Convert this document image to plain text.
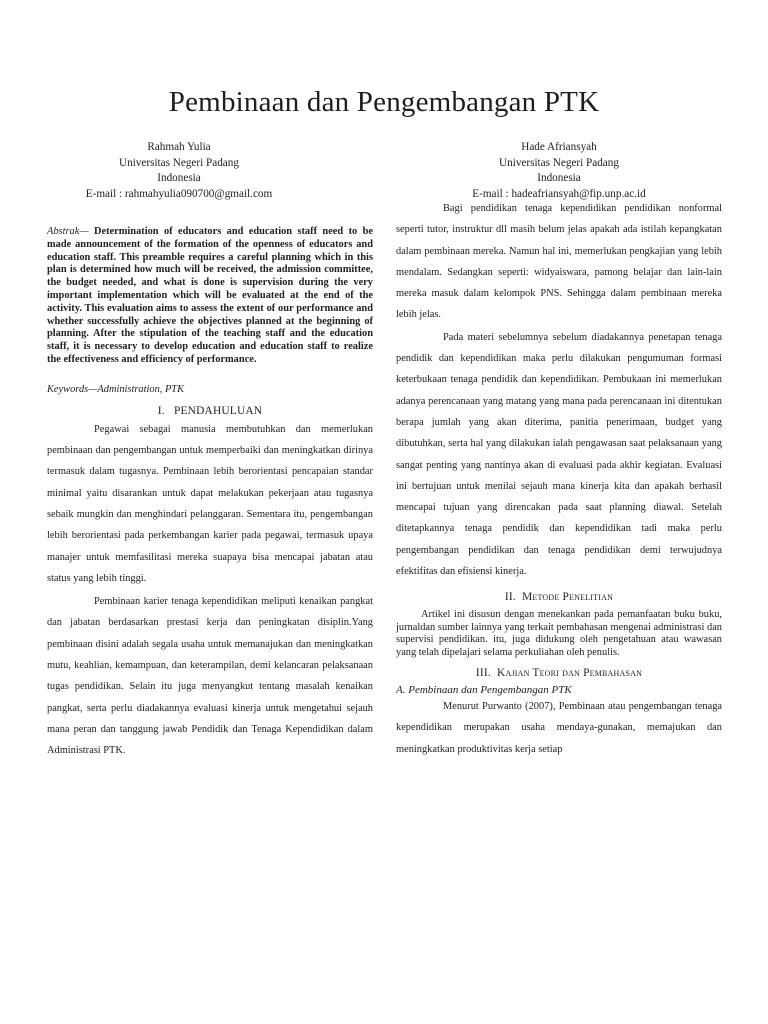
Pembinaan dan Pengembangan PTK
Rahmah Yulia
Universitas Negeri Padang
Indonesia
E-mail : rahmahyulia090700@gmail.com
Hade Afriansyah
Universitas Negeri Padang
Indonesia
E-mail : hadeafriansyah@fip.unp.ac.id

Abstrak— Determination of educators and education staff need to be made announcement of the formation of the openness of educators and education staff. This preamble requires a careful planning which in this plan is determined how much will be received, the admission committee, the budget needed, and what is done is supervision during the very important implementation which will be evaluated at the end of the activity. This evaluation aims to assess the extent of our performance and whether successfully achieve the objectives planned at the beginning of planning. After the stipulation of the teaching staff and the education staff, it is necessary to develop education and education staff to realize the effectiveness and efficiency of performance.

Keywords—Administration, PTK

I. PENDAHULUAN

Pegawai sebagai manusia membutuhkan dan memerlukan pembinaan dan pengembangan untuk memperbaiki dan meningkatkan dirinya termasuk dalam tugasnya. Pembinaan lebih berorientasi pencapaian standar minimal yaitu disarankan untuk dapat melakukan pekerjaan atau tugasnya sebaik mungkin dan menghindari pelanggaran. Sementara itu, pengembangan lebih berorientasi pada perkembangan karier pada pegawai, termasuk upaya manajer untuk memfasilitasi mereka suapaya bisa mencapai jabatan atau status yang lebih tinggi.

Pembinaan karier tenaga kependidikan meliputi kenaikan pangkat dan jabatan berdasarkan prestasi kerja dan peningkatan disiplin.Yang pembinaan disini adalah segala usaha untuk memanajukan dan meningkatkan mutu, keahlian, kemampuan, dan keterampilan, demi kelancaran pelaksanaan tugas pendidikan. Selain itu juga menyangkut tentang masalah kenaikan pangkat, serta perlu diadakannya evaluasi kinerja untuk mengetahui sejauh mana peran dan tanggung jawab Pendidik dan Tenaga Kependidikan dalam Administrasi PTK.

Bagi pendidikan tenaga kependidikan pendidikan nonformal seperti tutor, instruktur dll masih belum jelas apakah ada istilah kepangkatan dalam pembinaan mereka. Namun hal ini, memerlukan pengkajian yang lebih mendalam. Sedangkan seperti: widyaiswara, pamong belajar dan lain-lain mereka masuk dalam kelompok PNS. Sehingga dalam pembinaan mereka lebih jelas.

Pada materi sebelumnya sebelum diadakannya penetapan tenaga pendidik dan kependidikan maka perlu dilakukan pengumuman formasi keterbukaan tenaga pendidik dan kependidikan. Pembukaan ini memerlukan adanya perencanaan yang matang yang mana pada perencanaan ini ditentukan berapa jumlah yang akan diterima, panitia penerimaan, budget yang dibutuhkan, serta hal yang dilakukan ialah pengawasan saat pelaksanaan yang sangat penting yang nantinya akan di evaluasi pada akhir kegiatan. Evaluasi ini bertujuan untuk menilai sejauh mana kinerja kita dan apakah berhasil mencapai tujuan yang direncakan pada saat planning diawal. Setelah ditetapkannya tenaga pendidik dan kependidikan tadi maka perlu pengembangan pendidikan dan tenaga pendidikan demi terwujudnya efektifitas dan efisiensi kinerja.

II. Metode Penelitian

Artikel ini disusun dengan menekankan pada pemanfaatan buku buku, jurnaldan sumber lainnya yang terkait pembahasan mengenai administrasi dan supervisi pendidikan. itu, juga didukung oleh pengetahuan atau wawasan yang telah dipelajari selama perkuliahan oleh penulis.

III. Kajian Teori dan Pembahasan

A. Pembinaan dan Pengembangan PTK

Menurut Purwanto (2007), Pembinaan atau pengembangan tenaga kependidikan merupakan usaha mendaya-gunakan, memajukan dan meningkatkan produktivitas kerja setiap
